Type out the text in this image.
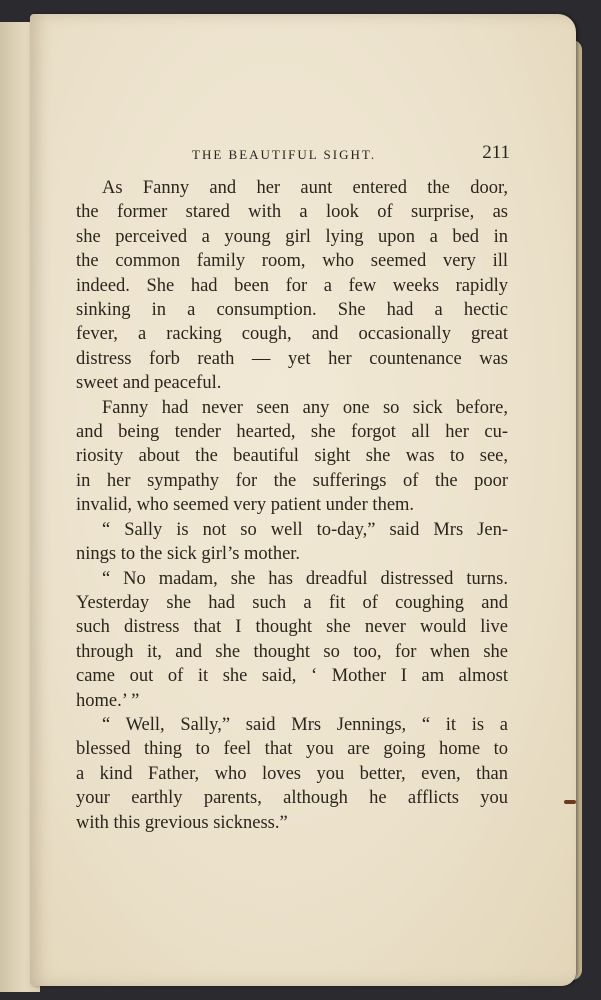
THE BEAUTIFUL SIGHT.	211
As Fanny and her aunt entered the door,
the former stared with a look of surprise, as
she perceived a young girl lying upon a bed in
the common family room, who seemed very ill
indeed. She had been for a few weeks rapidly
sinking in a consumption. She had a hectic
fever, a racking cough, and occasionally great
distress forb reath — yet her countenance was
sweet and peaceful.
Fanny had never seen any one so sick before,
and being tender hearted, she forgot all her cu-
riosity about the beautiful sight she was to see,
in her sympathy for the sufferings of the poor
invalid, who seemed very patient under them.
“ Sally is not so well to-day,” said Mrs Jen-
nings to the sick girl’s mother.
“ No madam, she has dreadful distressed turns.
Yesterday she had such a fit of coughing and
such distress that I thought she never would live
through it, and she thought so too, for when she
came out of it she said, ‘ Mother I am almost
home.’ ”
“ Well, Sally,” said Mrs Jennings, “ it is a
blessed thing to feel that you are going home to
a kind Father, who loves you better, even, than
your earthly parents, although he afflicts you
with this grevious sickness.”
